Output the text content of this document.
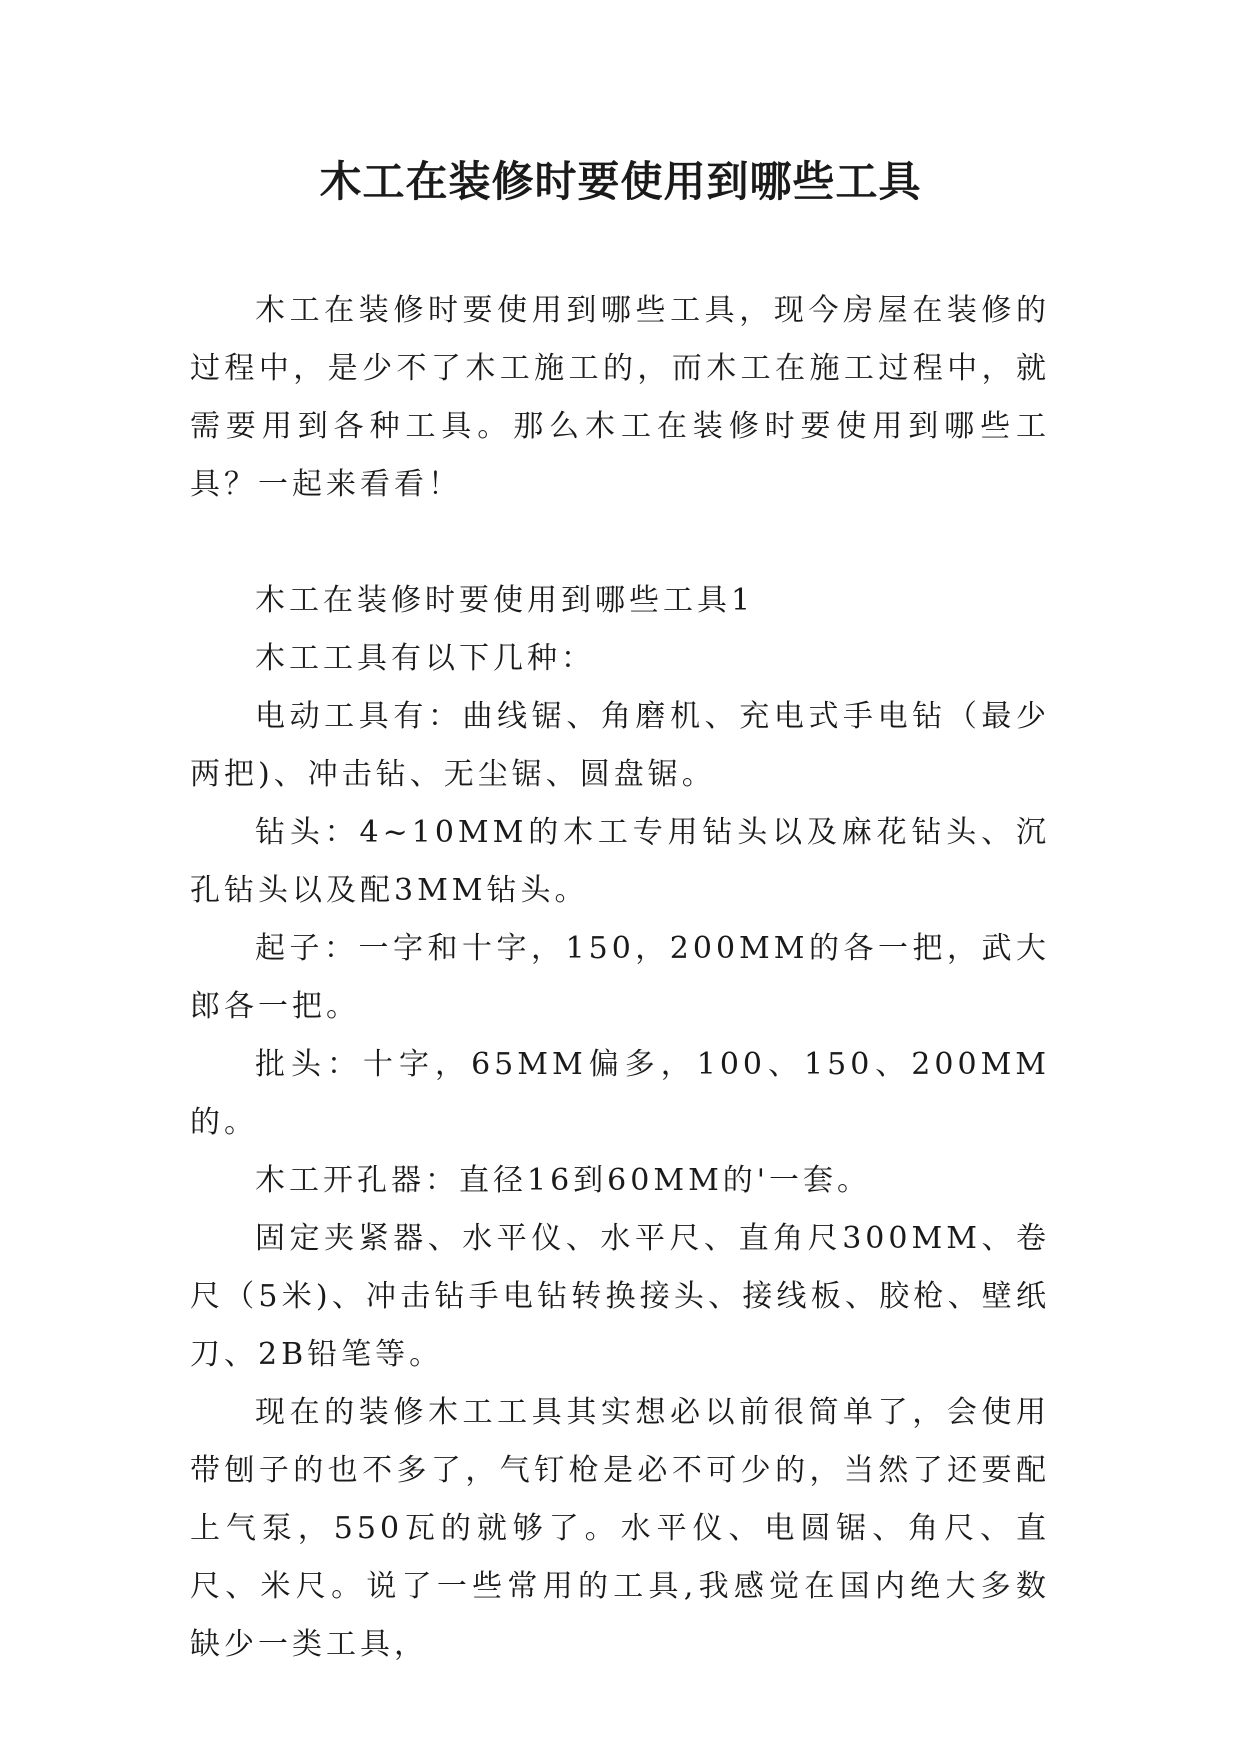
木工在装修时要使用到哪些工具

木工在装修时要使用到哪些工具，现今房屋在装修的过程中，是少不了木工施工的，而木工在施工过程中，就需要用到各种工具。那么木工在装修时要使用到哪些工具？一起来看看！

木工在装修时要使用到哪些工具1

木工工具有以下几种：

电动工具有：曲线锯、角磨机、充电式手电钻（最少两把)、冲击钻、无尘锯、圆盘锯。

钻头：4~10MM的木工专用钻头以及麻花钻头、沉孔钻头以及配3MM钻头。

起子：一字和十字，150，200MM的各一把，武大郎各一把。

批头：十字，65MM偏多，100、150、200MM的。

木工开孔器：直径16到60MM的'一套。

固定夹紧器、水平仪、水平尺、直角尺300MM、卷尺（5米)、冲击钻手电钻转换接头、接线板、胶枪、壁纸刀、2B铅笔等。

现在的装修木工工具其实想必以前很简单了，会使用带刨子的也不多了，气钉枪是必不可少的，当然了还要配上气泵，550瓦的就够了。水平仪、电圆锯、角尺、直尺、米尺。说了一些常用的工具,我感觉在国内绝大多数缺少一类工具，
